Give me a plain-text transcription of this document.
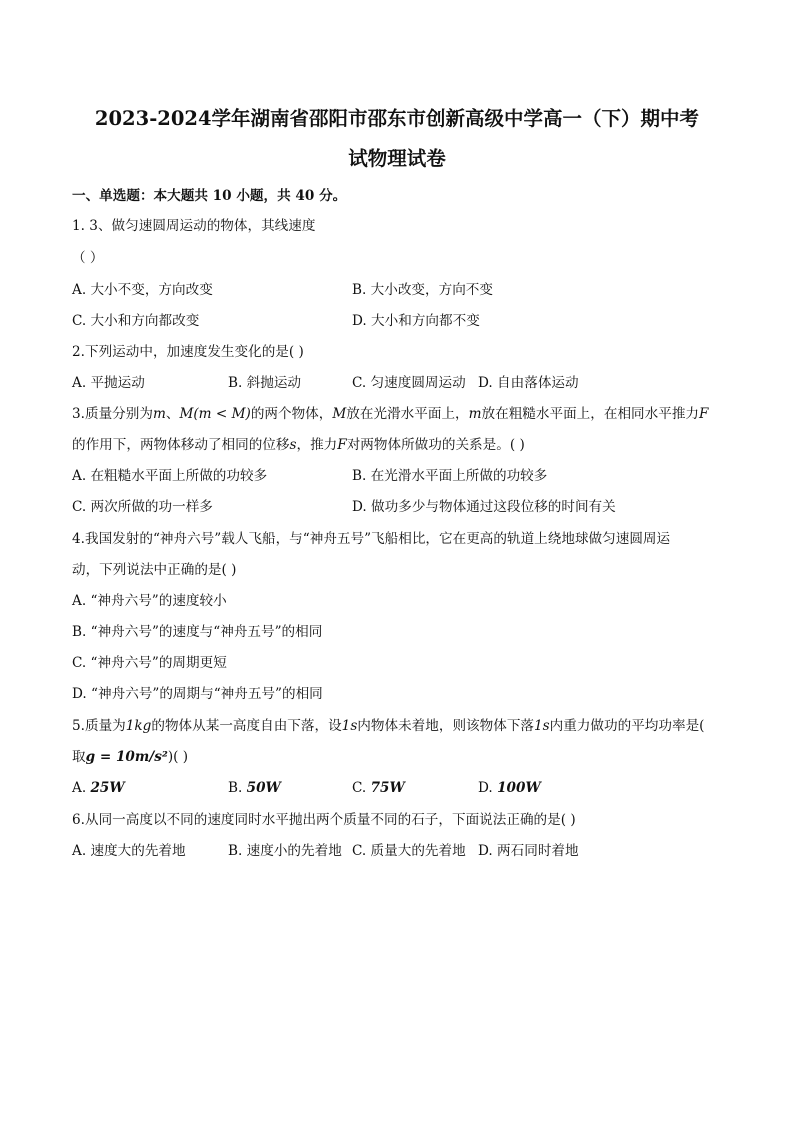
2023-2024学年湖南省邵阳市邵东市创新高级中学高一（下）期中考
试物理试卷
一、单选题：本大题共 10 小题，共 40 分。
1. 3、做匀速圆周运动的物体，其线速度
（ ）
A. 大小不变，方向改变	B. 大小改变，方向不变
C. 大小和方向都改变	D. 大小和方向都不变
2.下列运动中，加速度发生变化的是( )
A. 平抛运动	B. 斜抛运动	C. 匀速度圆周运动 D. 自由落体运动
3.质量分别为m、M(m < M)的两个物体，M放在光滑水平面上，m放在粗糙水平面上，在相同水平推力F
的作用下，两物体移动了相同的位移s，推力F对两物体所做功的关系是。( )
A. 在粗糙水平面上所做的功较多	B. 在光滑水平面上所做的功较多
C. 两次所做的功一样多	D. 做功多少与物体通过这段位移的时间有关
4.我国发射的“神舟六号”载人飞船，与“神舟五号”飞船相比，它在更高的轨道上绕地球做匀速圆周运
动，下列说法中正确的是( )
A. “神舟六号”的速度较小
B. “神舟六号”的速度与“神舟五号”的相同
C. “神舟六号”的周期更短
D. “神舟六号”的周期与“神舟五号”的相同
5.质量为1kg的物体从某一高度自由下落，设1s内物体未着地，则该物体下落1s内重力做功的平均功率是(
取g = 10m/s²)( )
A. 25W	B. 50W	C. 75W	D. 100W
6.从同一高度以不同的速度同时水平抛出两个质量不同的石子，下面说法正确的是( )
A. 速度大的先着地	B. 速度小的先着地 C. 质量大的先着地 D. 两石同时着地
